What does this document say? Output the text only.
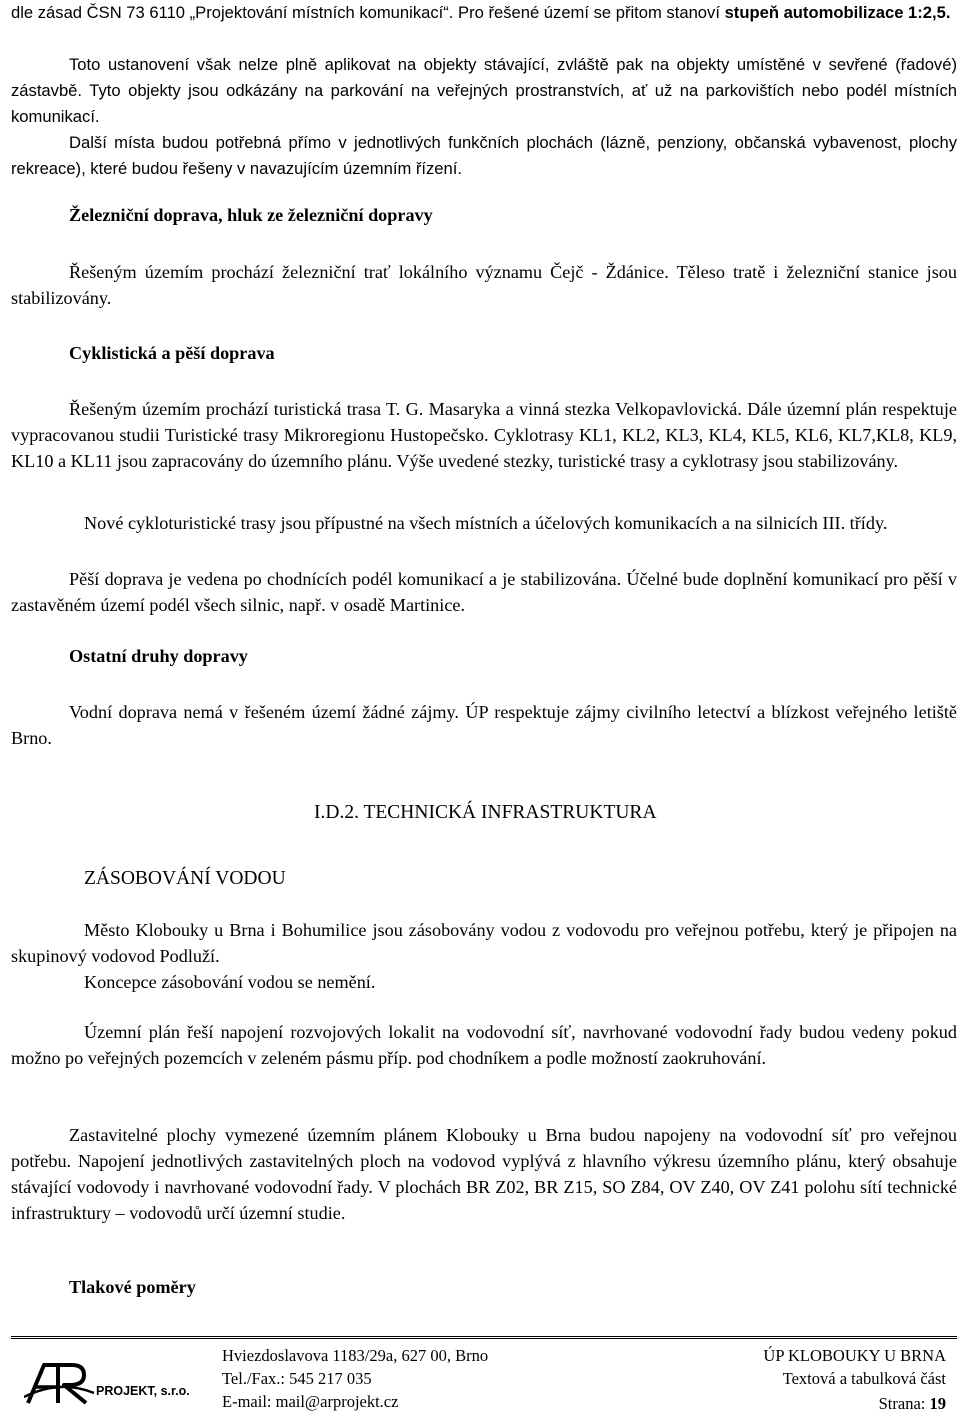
dle zásad ČSN 73 6110 „Projektování místních komunikací“. Pro řešené území se přitom stanoví stupeň automobilizace 1:2,5.

Toto ustanovení však nelze plně aplikovat na objekty stávající, zvláště pak na objekty umístěné v sevřené (řadové) zástavbě. Tyto objekty jsou odkázány na parkování na veřejných prostranstvích, ať už na parkovištích nebo podél místních komunikací.

Další místa budou potřebná přímo v jednotlivých funkčních plochách (lázně, penziony, občanská vybavenost, plochy rekreace), které budou řešeny v navazujícím územním řízení.

Železniční doprava, hluk ze železniční dopravy

Řešeným územím prochází železniční trať lokálního významu Čejč - Ždánice. Těleso tratě i železniční stanice jsou stabilizovány.

Cyklistická a pěší doprava

Řešeným územím prochází turistická trasa T. G. Masaryka a vinná stezka Velkopavlovická. Dále územní plán respektuje vypracovanou studii Turistické trasy Mikroregionu Hustopečsko. Cyklotrasy KL1, KL2, KL3, KL4, KL5, KL6, KL7,KL8, KL9, KL10 a KL11 jsou zapracovány do územního plánu. Výše uvedené stezky, turistické trasy a cyklotrasy jsou stabilizovány.

Nové cykloturistické trasy jsou přípustné na všech místních a účelových komunikacích a na silnicích III. třídy.

Pěší doprava je vedena po chodnících podél komunikací a je stabilizována. Účelné bude doplnění komunikací pro pěší v zastavěném území podél všech silnic, např. v osadě Martinice.

Ostatní druhy dopravy

Vodní doprava nemá v řešeném území žádné zájmy. ÚP respektuje zájmy civilního letectví a blízkost veřejného letiště Brno.

I.D.2. TECHNICKÁ INFRASTRUKTURA

ZÁSOBOVÁNÍ VODOU

Město Klobouky u Brna i Bohumilice jsou zásobovány vodou z vodovodu pro veřejnou potřebu, který je připojen na skupinový vodovod Podluží.

Koncepce zásobování vodou se nemění.

Územní plán řeší napojení rozvojových lokalit na vodovodní síť, navrhované vodovodní řady budou vedeny pokud možno po veřejných pozemcích v zeleném pásmu příp. pod chodníkem a podle možností zaokruhování.

Zastavitelné plochy vymezené územním plánem Klobouky u Brna budou napojeny na vodovodní síť pro veřejnou potřebu. Napojení jednotlivých zastavitelných ploch na vodovod vyplývá z hlavního výkresu územního plánu, který obsahuje stávající vodovody i navrhované vodovodní řady. V plochách BR Z02, BR Z15, SO Z84, OV Z40, OV Z41 polohu sítí technické infrastruktury – vodovodů určí územní studie.

Tlakové poměry

PROJEKT, s.r.o.
Hviezdoslavova 1183/29a, 627 00, Brno
Tel./Fax.: 545 217 035
E-mail: mail@arprojekt.cz
ÚP KLOBOUKY U BRNA
Textová a tabulková část
Strana: 19
